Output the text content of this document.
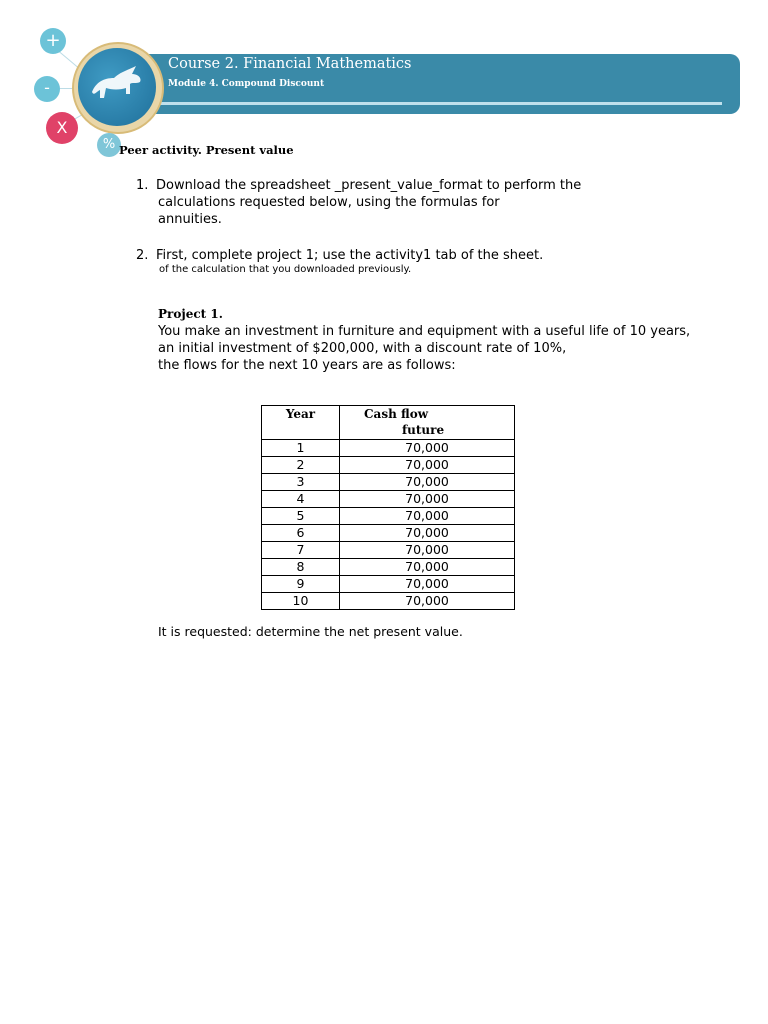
+
-
X
%
Course 2. Financial Mathematics
Module 4. Compound Discount
Peer activity. Present value
1. Download the spreadsheet _present_value_format to perform the
calculations requested below, using the formulas for
annuities.
2. First, complete project 1; use the activity1 tab of the sheet.
of the calculation that you downloaded previously.
Project 1.
You make an investment in furniture and equipment with a useful life of 10 years,
an initial investment of $200,000, with a discount rate of 10%,
the flows for the next 10 years are as follows:
Year	Cash flow
future

1	70,000
2	70,000
3	70,000
4	70,000
5	70,000
6	70,000
7	70,000
8	70,000
9	70,000
10	70,000
It is requested: determine the net present value.
